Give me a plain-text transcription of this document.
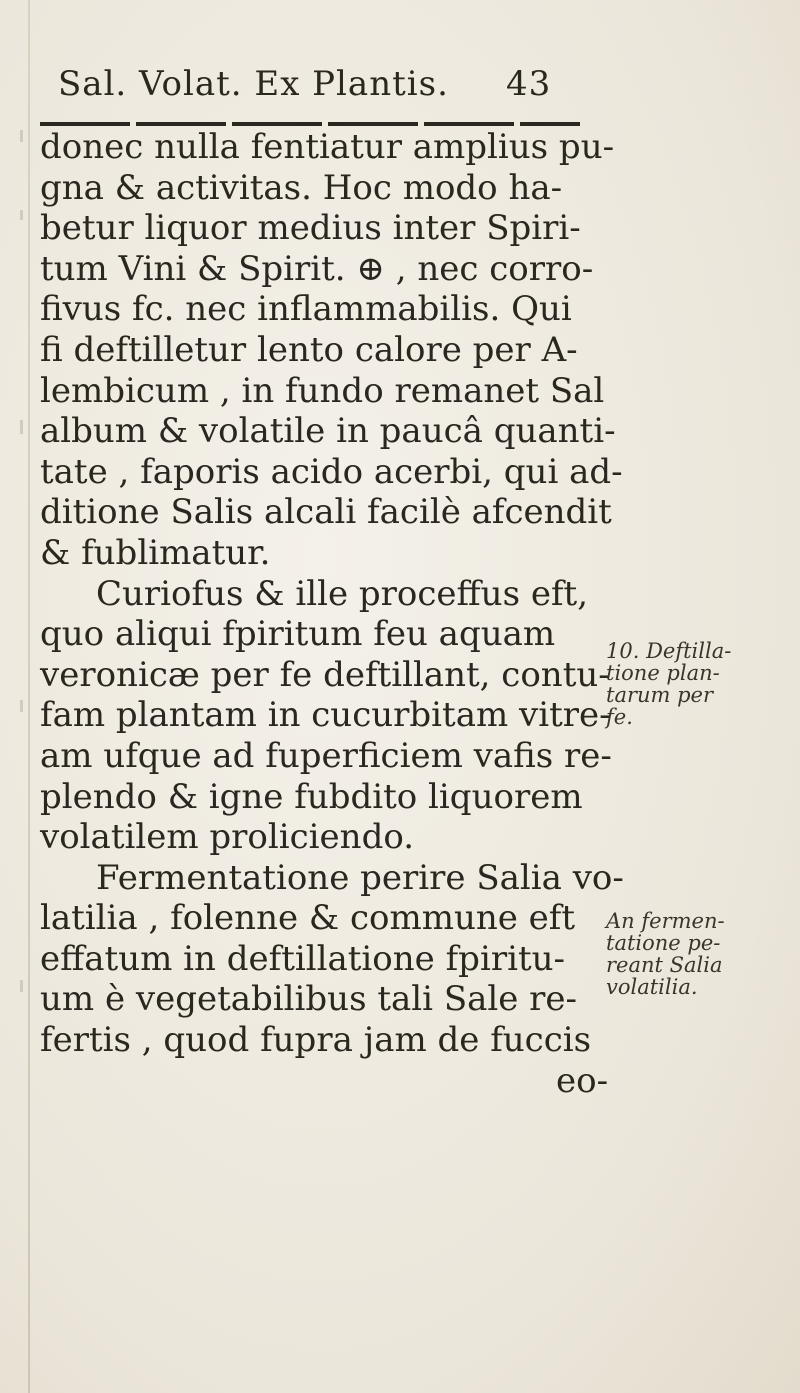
Sal. Volat. Ex Plantis. 43
donec nulla fentiatur amplius pu-
gna & activitas. Hoc modo ha-
betur liquor medius inter Spiri-
tum Vini & Spirit. ⊕ , nec corro-
fivus fc. nec inflammabilis. Qui
fi deftilletur lento calore per A-
lembicum , in fundo remanet Sal
album & volatile in paucâ quanti-
tate , faporis acido acerbi, qui ad-
ditione Salis alcali facilè afcendit
& fublimatur.
Curiofus & ille proceffus eft,
quo aliqui fpiritum feu aquam
veronicæ per fe deftillant, contu-
fam plantam in cucurbitam vitre-
am ufque ad fuperficiem vafis re-
plendo & igne fubdito liquorem
volatilem proliciendo.
Fermentatione perire Salia vo-
latilia , folenne & commune eft
effatum in deftillatione fpiritu-
um è vegetabilibus tali Sale re-
fertis , quod fupra jam de fuccis
eo-
10. Deftilla-
tione plan-
tarum per
fe.
An fermen-
tatione pe-
reant Salia
volatilia.
